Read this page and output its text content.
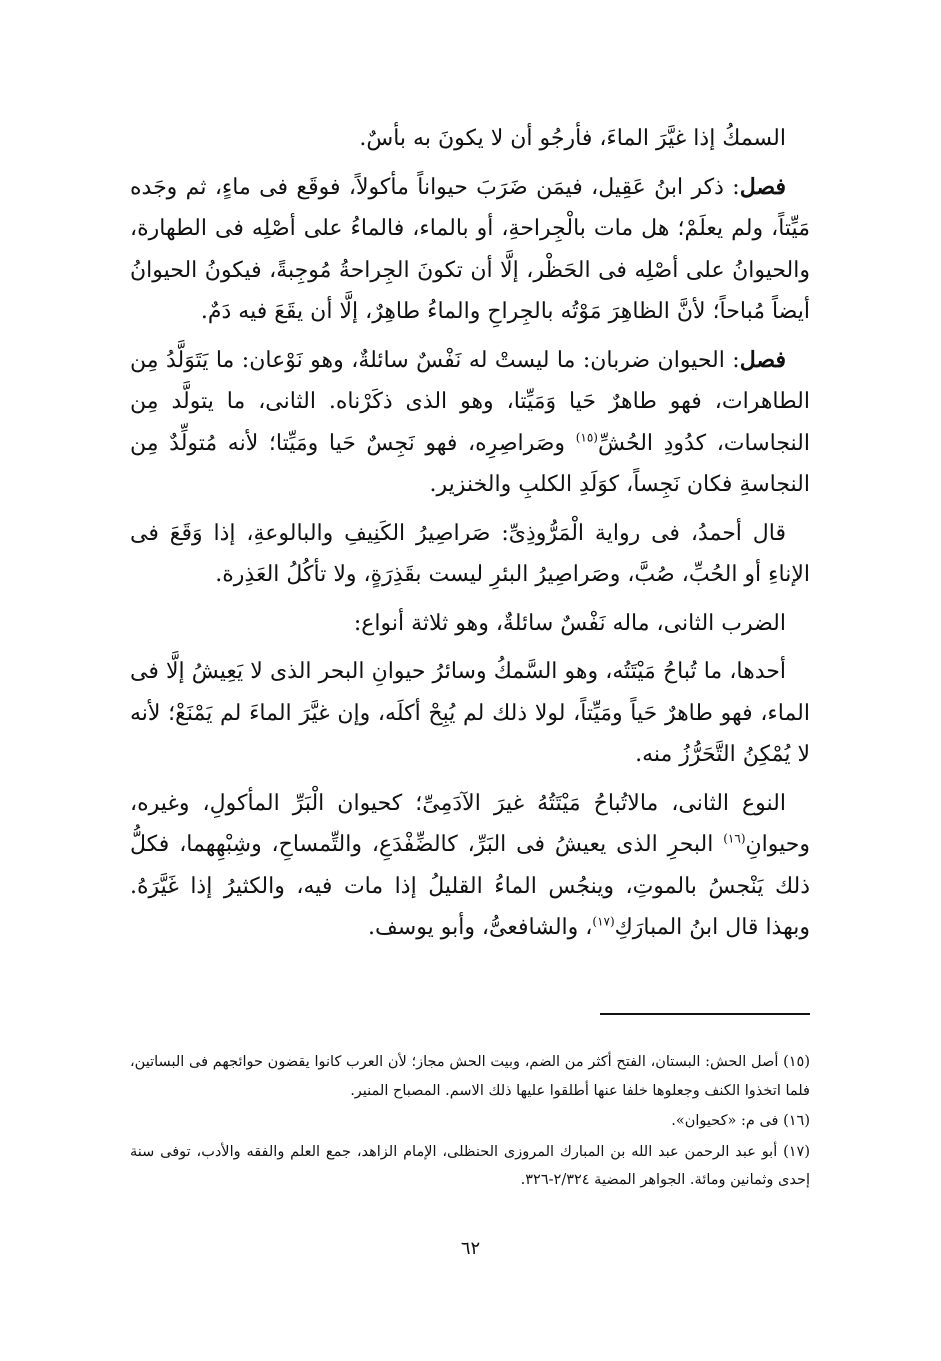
السمكُ إذا غيَّرَ الماءَ، فأرجُو أن لا يكونَ به بأسٌ.

فصل: ذكر ابنُ عَقِيل، فيمَن ضَرَبَ حيواناً مأكولاً، فوقَع فى ماءٍ، ثم وجَده مَيِّتاً، ولم يعلَمْ؛ هل مات بالْجِراحةِ، أو بالماء، فالماءُ على أصْلِه فى الطهارة، والحيوانُ على أصْلِه فى الحَظْر، إلَّا أن تكونَ الجِراحةُ مُوجِبةً، فيكونُ الحيوانُ أيضاً مُباحاً؛ لأنَّ الظاهِرَ مَوْتُه بالجِراحِ والماءُ طاهِرٌ، إلَّا أن يقَعَ فيه دَمٌ.

فصل: الحيوان ضربان: ما ليستْ له نَفْسٌ سائلةٌ، وهو نَوْعان: ما يَتَوَلَّدُ مِن الطاهرات، فهو طاهرٌ حَيا وَمَيِّتا، وهو الذى ذكَرْناه. الثانى، ما يتولَّد مِن النجاسات، كدُودِ الحُشِّ$^{(١٥)}$ وصَراصِرِه، فهو نَجِسٌ حَيا ومَيِّتا؛ لأنه مُتولِّدٌ مِن النجاسةِ فكان نَجِساً، كوَلَدِ الكلبِ والخنزير.

قال أحمدُ، فى رواية الْمَرُّوذِىِّ: صَراصِيرُ الكَنِيفِ والبالوعةِ، إذا وَقَعَ فى الإناءِ أو الحُبِّ، صُبَّ، وصَراصِيرُ البئرِ ليست بقَذِرَةٍ، ولا تأكُلُ العَذِرة.

الضرب الثانى، ماله نَفْسٌ سائلةٌ، وهو ثلاثة أنواع:

أحدها، ما تُباحُ مَيْتَتُه، وهو السَّمكُ وسائرُ حيوانِ البحر الذى لا يَعِيشُ إلَّا فى الماء، فهو طاهرٌ حَياً ومَيِّتاً، لولا ذلك لم يُبِحْ أكلَه، وإن غيَّرَ الماءَ لم يَمْنَعْ؛ لأنه لا يُمْكِنُ التَّحَرُّزُ منه.

النوع الثانى، مالاتُباحُ مَيْتَتُهُ غيرَ الآدَمِىِّ؛ كحيوان الْبَرِّ المأكولِ، وغيره، وحيوانِ$^{(١٦)}$ البحرِ الذى يعيشُ فى البَرِّ، كالضِّفْدَعِ، والتِّمساحِ، وشِبْهِهما، فكلُّ ذلك يَنْجسُ بالموتِ، وينجُس الماءُ القليلُ إذا مات فيه، والكثيرُ إذا غَيَّرَهُ. وبهذا قال ابنُ المبارَكِ$^{(١٧)}$، والشافعىُّ، وأبو يوسف.

(١٥) أصل الحش: البستان، الفتح أكثر من الضم، وبيت الحش مجاز؛ لأن العرب كانوا يقضون حوائجهم فى البساتين، فلما اتخذوا الكنف وجعلوها خلفا عنها أطلقوا عليها ذلك الاسم. المصباح المنير.

(١٦) فى م: «كحيوان».

(١٧) أبو عبد الرحمن عبد الله بن المبارك المروزى الحنظلى، الإمام الزاهد، جمع العلم والفقه والأدب، توفى سنة إحدى وثمانين ومائة. الجواهر المضية ٢/٣٢٤-٣٢٦.

٦٢
